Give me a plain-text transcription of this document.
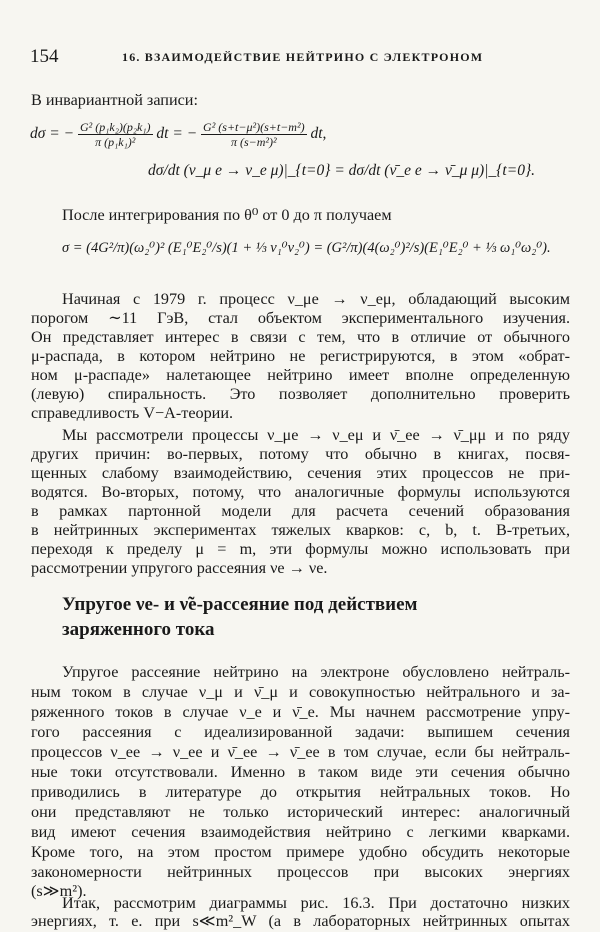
154	16. ВЗАИМОДЕЙСТВИЕ НЕЙТРИНО С ЭЛЕКТРОНОМ
В инвариантной записи:
dσ = − $\frac{\text{G² (p₁k₂)(p₂k₁)}}{\text{π (p₁k₁)²}}$ dt = − $\frac{\text{G² (s+t−μ²)(s+t−m²)}}{\text{π (s−m²)²}}$ dt,
dσ/dt (ν_μ e → ν_e μ)|_{t=0} = dσ/dt (ν̄_e e → ν̄_μ μ)|_{t=0}.
После интегрирования по θ⁰ от 0 до π получаем
σ = (4G²/π)(ω₂⁰)² (E₁⁰E₂⁰/s)(1 + ⅓ v₁⁰v₂⁰) = (G²/π)(4(ω₂⁰)²/s)(E₁⁰E₂⁰ + ⅓ ω₁⁰ω₂⁰).
Начиная с 1979 г. процесс ν_μe → ν_eμ, обладающий высоким
порогом ∼11 ГэВ, стал объектом экспериментального изучения.
Он представляет интерес в связи с тем, что в отличие от обычного
μ-распада, в котором нейтрино не регистрируются, в этом «обрат-
ном μ-распаде» налетающее нейтрино имеет вполне определенную
(левую) спиральность. Это позволяет дополнительно проверить
справедливость V−A-теории.
Мы рассмотрели процессы ν_μe → ν_eμ и ν̄_ee → ν̄_μμ и по ряду
других причин: во-первых, потому что обычно в книгах, посвя-
щенных слабому взаимодействию, сечения этих процессов не при-
водятся. Во-вторых, потому, что аналогичные формулы используются
в рамках партонной модели для расчета сечений образования
в нейтринных экспериментах тяжелых кварков: c, b, t. В-третьих,
переходя к пределу μ = m, эти формулы можно использовать при
рассмотрении упругого рассеяния νe → νe.
Упругое νe- и ν̃e-рассеяние под действием
заряженного тока
Упругое рассеяние нейтрино на электроне обусловлено нейтраль-
ным током в случае ν_μ и ν̄_μ и совокупностью нейтрального и за-
ряженного токов в случае ν_e и ν̄_e. Мы начнем рассмотрение упру-
гого рассеяния с идеализированной задачи: выпишем сечения
процессов ν_ee → ν_ee и ν̄_ee → ν̄_ee в том случае, если бы нейтраль-
ные токи отсутствовали. Именно в таком виде эти сечения обычно
приводились в литературе до открытия нейтральных токов. Но
они представляют не только исторический интерес: аналогичный
вид имеют сечения взаимодействия нейтрино с легкими кварками.
Кроме того, на этом простом примере удобно обсудить некоторые
закономерности нейтринных процессов при высоких энергиях
(s≫m²).
Итак, рассмотрим диаграммы рис. 16.3. При достаточно низких
энергиях, т. е. при s≪m²_W (а в лабораторных нейтринных опытах
